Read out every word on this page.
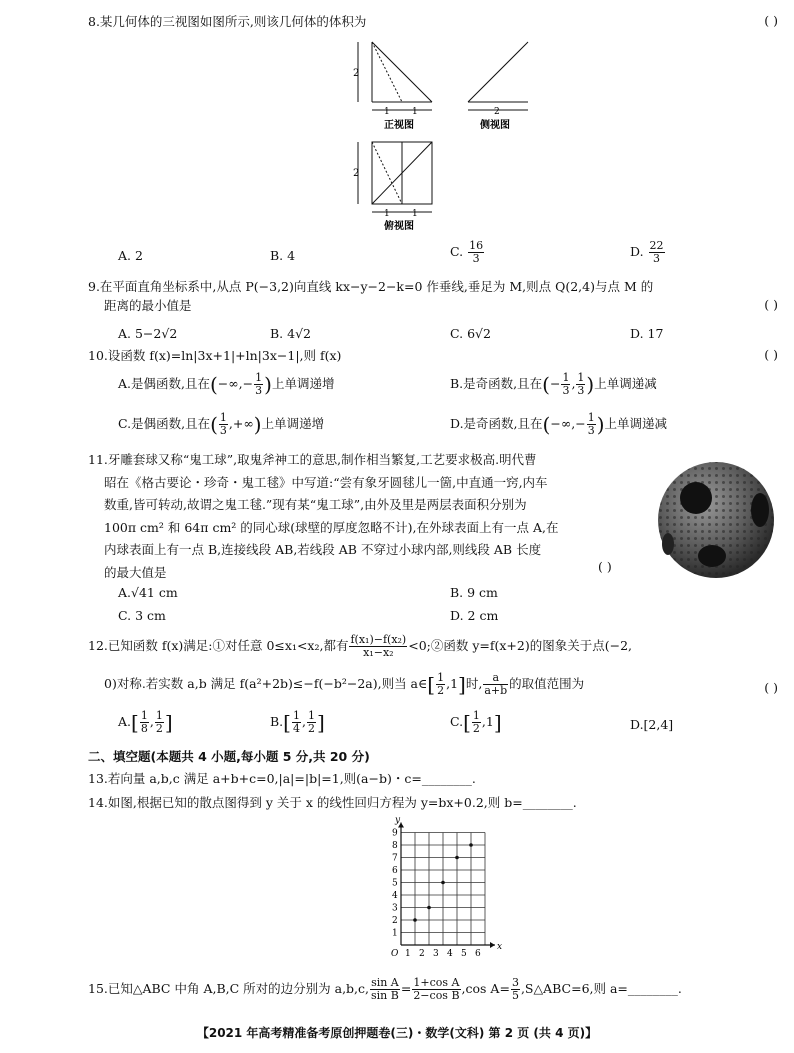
8.某几何体的三视图如图所示,则该几何体的体积为	( )
2
1 1
正视图
2
侧视图
2
1 1
俯视图
A. 2	B. 4	C. $\frac{16}{3}$	D. $\frac{22}{3}$
9.在平面直角坐标系中,从点 P(−3,2)向直线 kx−y−2−k=0 作垂线,垂足为 M,则点 Q(2,4)与点 M 的
距离的最小值是	( )
A. 5−2√2	B. 4√2	C. 6√2	D. 17
10.设函数 f(x)=ln|3x+1|+ln|3x−1|,则 f(x)	( )
A.是偶函数,且在(−∞,− $\frac{1}{3}$ )上单调递增	B.是奇函数,且在(− $\frac{1}{3}$ , $\frac{1}{3}$ )上单调递减
C.是偶函数,且在( $\frac{1}{3}$ ,+∞)上单调递增	D.是奇函数,且在(−∞,− $\frac{1}{3}$ )上单调递减
11.牙雕套球又称“鬼工球”,取鬼斧神工的意思,制作相当繁复,工艺要求极高.明代曹
昭在《格古要论・珍奇・鬼工毬》中写道:“尝有象牙圆毬儿一箇,中直通一窍,内车
数重,皆可转动,故谓之鬼工毬.”现有某“鬼工球”,由外及里是两层表面积分别为
100π cm² 和 64π cm² 的同心球(球壁的厚度忽略不计),在外球表面上有一点 A,在
内球表面上有一点 B,连接线段 AB,若线段 AB 不穿过小球内部,则线段 AB 长度
的最大值是	( )
A.√41 cm	B. 9 cm
C. 3 cm	D. 2 cm
12.已知函数 f(x)满足:①对任意 0≤x₁<x₂,都有 $\frac{\text{f(x₁)−f(x₂)}}{\text{x₁−x₂}}$ <0;②函数 y=f(x+2)的图象关于点(−2,
0)对称.若实数 a,b 满足 f(a²+2b)≤−f(−b²−2a),则当 a∈[ $\frac{1}{2} ,1$]时, $\frac{a}{a+b}$ 的取值范围为	( )
$A.[ \frac{1}{8}$ , $\frac{1}{2}$ ]	$B.[ \frac{1}{4}$ , $\frac{1}{2}$ ]	$C.[ \frac{1}{2} ,1]$	D.[2,4]
二、填空题(本题共 4 小题,每小题 5 分,共 20 分)
13.若向量 a,b,c 满足 a+b+c=0,|a|=|b|=1,则(a−b)・c=________.
14.如图,根据已知的散点图得到 y 关于 x 的线性回归方程为 y=bx+0.2,则 b=________.
1 2 3 4 5 6
1
2
3
4
5
6
7
8
9
O
x
y
15.已知△ABC 中角 A,B,C 所对的边分别为 a,b,c, $\frac{\text{sin A}}{\text{sin B}} = \frac{\text{1+cos A}}{\text{2−cos B}} ,\cos$ $A= \frac{3}{5}$ ,S△ABC=6,则 a=________.
【2021 年高考精准备考原创押题卷(三)・数学(文科) 第 2 页 (共 4 页)】
